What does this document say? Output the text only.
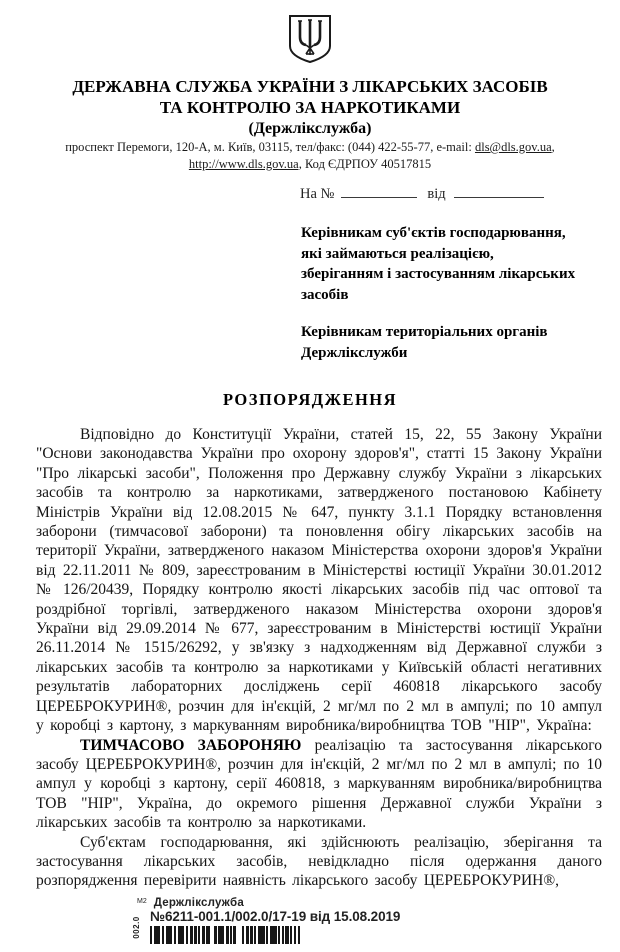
ДЕРЖАВНА СЛУЖБА УКРАЇНИ З ЛІКАРСЬКИХ ЗАСОБІВ
ТА КОНТРОЛЮ ЗА НАРКОТИКАМИ
(Держлікслужба)
проспект Перемоги, 120-А, м. Київ, 03115, тел/факс: (044) 422-55-77, e-mail: dls@dls.gov.ua,
http://www.dls.gov.ua, Код ЄДРПОУ 40517815
На №	від
Керівникам суб'єктів господарювання,
які займаються реалізацією,
зберіганням і застосуванням лікарських
засобів
Керівникам територіальних органів
Держлікслужби
РОЗПОРЯДЖЕННЯ

Відповідно до Конституції України, статей 15, 22, 55 Закону України "Основи законодавства України про охорону здоров'я", статті 15 Закону України "Про лікарські засоби", Положення про Державну службу України з лікарських засобів та контролю за наркотиками, затвердженого постановою Кабінету Міністрів України від 12.08.2015 № 647, пункту 3.1.1 Порядку встановлення заборони (тимчасової заборони) та поновлення обігу лікарських засобів на території України, затвердженого наказом Міністерства охорони здоров'я України від 22.11.2011 № 809, зареєстрованим в Міністерстві юстиції України 30.01.2012 № 126/20439, Порядку контролю якості лікарських засобів під час оптової та роздрібної торгівлі, затвердженого наказом Міністерства охорони здоров'я України від 29.09.2014 № 677, зареєстрованим в Міністерстві юстиції України 26.11.2014 № 1515/26292, у зв'язку з надходженням від Державної служби з лікарських засобів та контролю за наркотиками у Київській області негативних результатів лабораторних досліджень серії 460818 лікарського засобу ЦЕРЕБРОКУРИН®, розчин для ін'єкцій, 2 мг/мл по 2 мл в ампулі; по 10 ампул у коробці з картону, з маркуванням виробника/виробництва ТОВ "НІР", Україна:

ТИМЧАСОВО ЗАБОРОНЯЮ реалізацію та застосування лікарського засобу ЦЕРЕБРОКУРИН®, розчин для ін'єкцій, 2 мг/мл по 2 мл в ампулі; по 10 ампул у коробці з картону, серії 460818, з маркуванням виробника/виробництва ТОВ "НІР", Україна, до окремого рішення Державної служби України з лікарських засобів та контролю за наркотиками.

Суб'єктам господарювання, які здійснюють реалізацію, зберігання та застосування лікарських засобів, невідкладно після одержання даного розпорядження перевірити наявність лікарського засобу ЦЕРЕБРОКУРИН®,

002.0
М2 Держлікслужба
№6211-001.1/002.0/17-19 від 15.08.2019
